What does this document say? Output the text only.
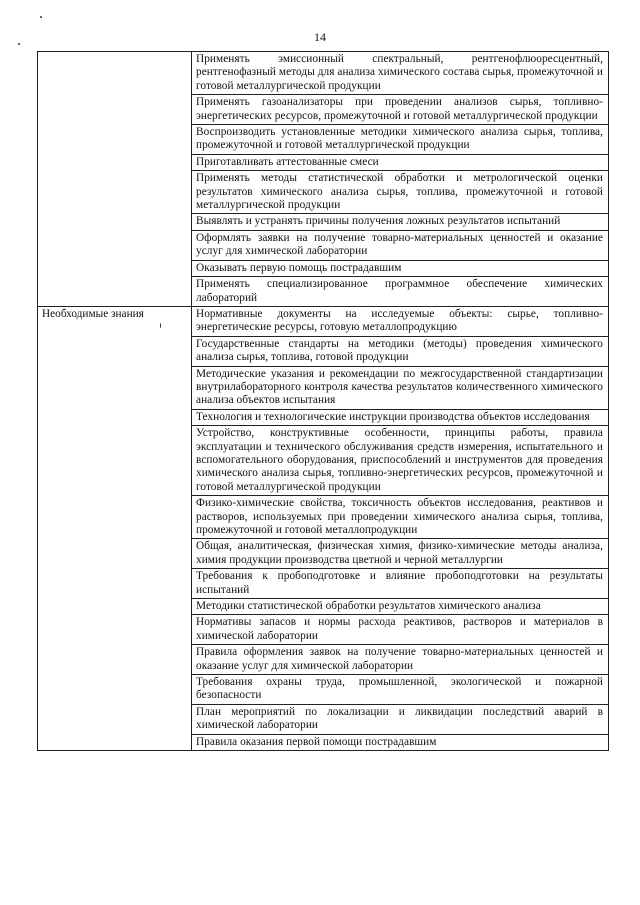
14
	Применять эмиссионный спектральный, рентгенофлюоресцентный, рентгенофазный методы для анализа химического состава сырья, промежуточной и готовой металлургической продукции
	Применять газоанализаторы при проведении анализов сырья, топливно-энергетических ресурсов, промежуточной и готовой металлургической продукции
	Воспроизводить установленные методики химического анализа сырья, топлива, промежуточной и готовой металлургической продукции
	Приготавливать аттестованные смеси
	Применять методы статистической обработки и метрологической оценки результатов химического анализа сырья, топлива, промежуточной и готовой металлургической продукции
	Выявлять и устранять причины получения ложных результатов испытаний
	Оформлять заявки на получение товарно-материальных ценностей и оказание услуг для химической лаборатории
	Оказывать первую помощь пострадавшим
	Применять специализированное программное обеспечение химических лабораторий
Необходимые знания	Нормативные документы на исследуемые объекты: сырье, топливно-энергетические ресурсы, готовую металлопродукцию
	Государственные стандарты на методики (методы) проведения химического анализа сырья, топлива, готовой продукции
	Методические указания и рекомендации по межгосударственной стандартизации внутрилабораторного контроля качества результатов количественного химического анализа объектов испытания
	Технология и технологические инструкции производства объектов исследования
	Устройство, конструктивные особенности, принципы работы, правила эксплуатации и технического обслуживания средств измерения, испытательного и вспомогательного оборудования, приспособлений и инструментов для проведения химического анализа сырья, топливно-энергетических ресурсов, промежуточной и готовой металлургической продукции
	Физико-химические свойства, токсичность объектов исследования, реактивов и растворов, используемых при проведении химического анализа сырья, топлива, промежуточной и готовой металлопродукции
	Общая, аналитическая, физическая химия, физико-химические методы анализа, химия продукции производства цветной и черной металлургии
	Требования к пробоподготовке и влияние пробоподготовки на результаты испытаний
	Методики статистической обработки результатов химического анализа
	Нормативы запасов и нормы расхода реактивов, растворов и материалов в химической лаборатории
	Правила оформления заявок на получение товарно-материальных ценностей и оказание услуг для химической лаборатории
	Требования охраны труда, промышленной, экологической и пожарной безопасности
	План мероприятий по локализации и ликвидации последствий аварий в химической лаборатории
	Правила оказания первой помощи пострадавшим
